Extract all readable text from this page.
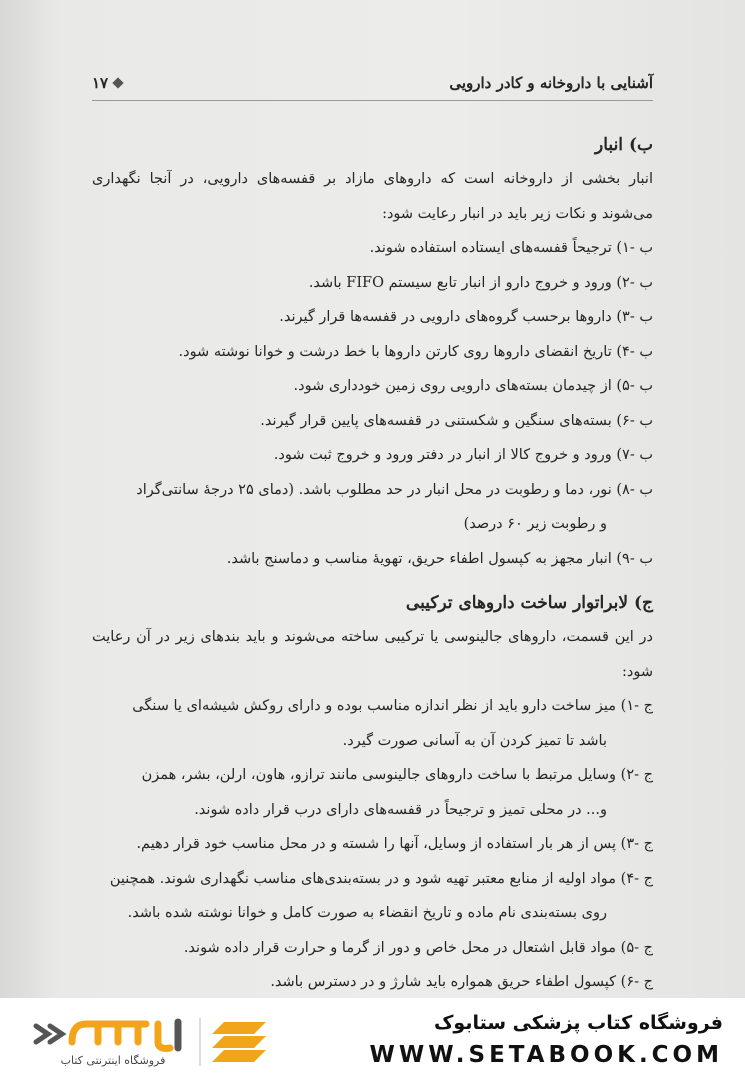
آشنایی با داروخانه و کادر دارویی
۱۷
ب) انبار

انبار بخشی از داروخانه است که داروهای مازاد بر قفسه‌های دارویی، در آنجا نگهداری می‌شوند و نکات زیر باید در انبار رعایت شود:

ب -۱) ترجیحاً قفسه‌های ایستاده استفاده شوند.

ب -۲) ورود و خروج دارو از انبار تابع سیستم FIFO باشد.

ب -۳) داروها برحسب گروه‌های دارویی در قفسه‌ها قرار گیرند.

ب -۴) تاریخ انقضای داروها روی کارتن داروها با خط درشت و خوانا نوشته شود.

ب -۵) از چیدمان بسته‌های دارویی روی زمین خودداری شود.

ب -۶) بسته‌های سنگین و شکستنی در قفسه‌های پایین قرار گیرند.

ب -۷) ورود و خروج کالا از انبار در دفتر ورود و خروج ثبت شود.

ب -۸) نور، دما و رطوبت در محل انبار در حد مطلوب باشد. (دمای ۲۵ درجهٔ سانتی‌گراد
و رطوبت زیر ۶۰ درصد)

ب -۹) انبار مجهز به کپسول اطفاء حریق، تهویهٔ مناسب و دماسنج باشد.

ج) لابراتوار ساخت داروهای ترکیبی

در این قسمت، داروهای جالینوسی یا ترکیبی ساخته می‌شوند و باید بندهای زیر در آن رعایت شود:

ج -۱) میز ساخت دارو باید از نظر اندازه مناسب بوده و دارای روکش شیشه‌ای یا سنگی
باشد تا تمیز کردن آن به آسانی صورت گیرد.

ج -۲) وسایل مرتبط با ساخت داروهای جالینوسی مانند ترازو، هاون، ارلن، بشر، همزن
و... در محلی تمیز و ترجیحاً در قفسه‌های دارای درب قرار داده شوند.

ج -۳) پس از هر بار استفاده از وسایل، آنها را شسته و در محل مناسب خود قرار دهیم.

ج -۴) مواد اولیه از منابع معتبر تهیه شود و در بسته‌بندی‌های مناسب نگهداری شوند. همچنین
روی بسته‌بندی نام ماده و تاریخ انقضاء به صورت کامل و خوانا نوشته شده باشد.

ج -۵) مواد قابل اشتعال در محل خاص و دور از گرما و حرارت قرار داده شوند.

ج -۶) کپسول اطفاء حریق همواره باید شارژ و در دسترس باشد.

فروشگاه اینترنتی کتاب
فروشگاه کتاب پزشکی ستابوک
WWW.SETABOOK.COM
